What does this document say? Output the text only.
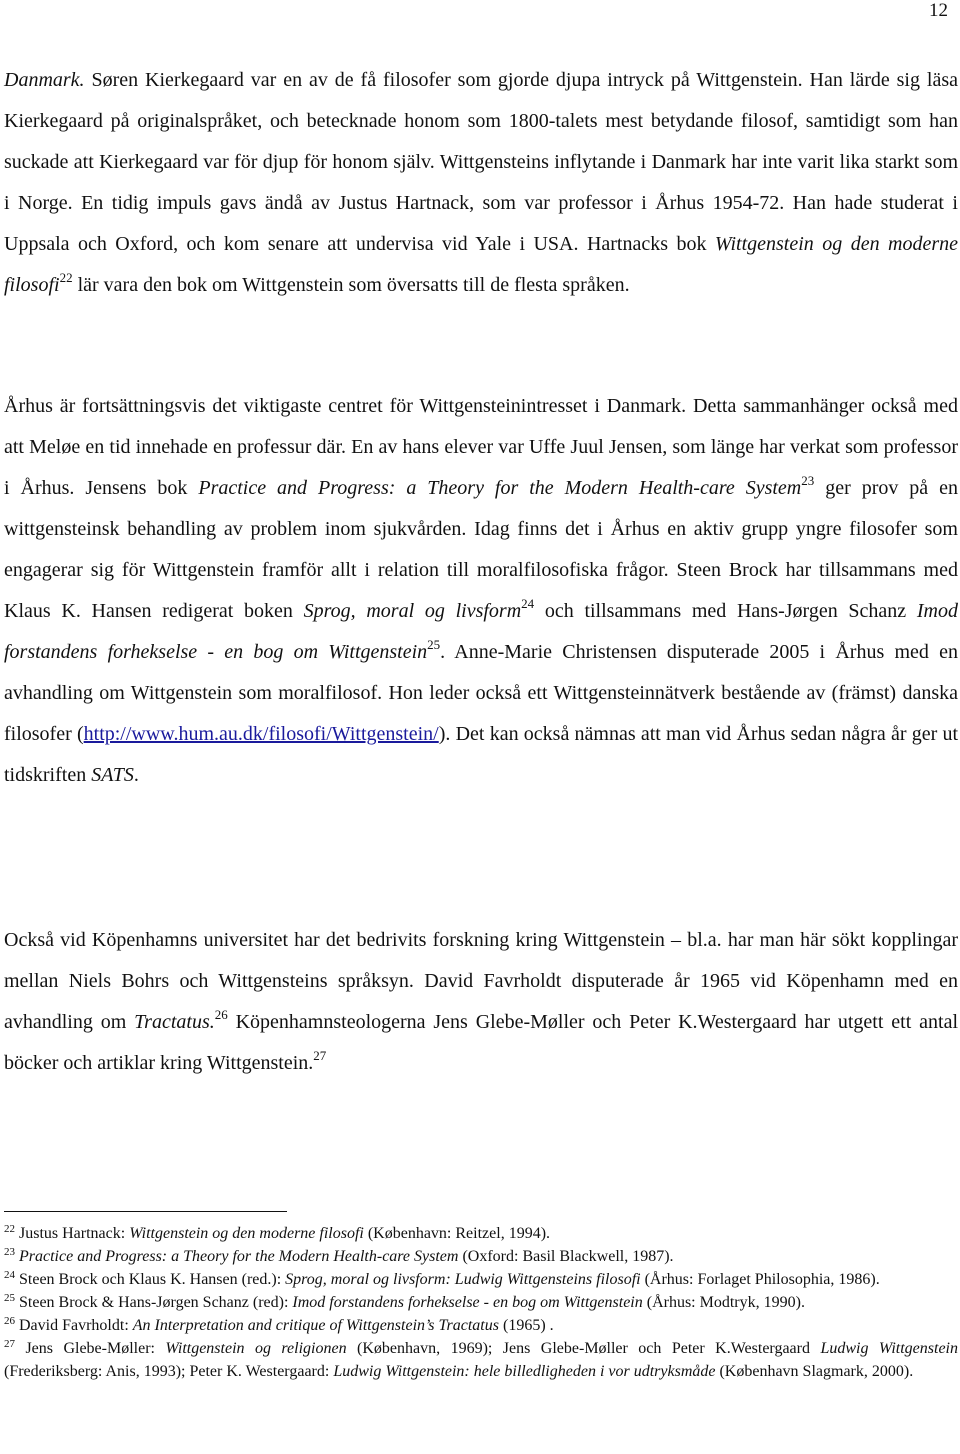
12

Danmark. Søren Kierkegaard var en av de få filosofer som gjorde djupa intryck på Wittgenstein. Han lärde sig läsa Kierkegaard på originalspråket, och betecknade honom som 1800-talets mest betydande filosof, samtidigt som han suckade att Kierkegaard var för djup för honom själv. Wittgensteins inflytande i Danmark har inte varit lika starkt som i Norge. En tidig impuls gavs ändå av Justus Hartnack, som var professor i Århus 1954-72. Han hade studerat i Uppsala och Oxford, och kom senare att undervisa vid Yale i USA. Hartnacks bok Wittgenstein og den moderne filosofi$^{22}$ lär vara den bok om Wittgenstein som översatts till de flesta språken.

Århus är fortsättningsvis det viktigaste centret för Wittgensteinintresset i Danmark. Detta sammanhänger också med att Meløe en tid innehade en professur där. En av hans elever var Uffe Juul Jensen, som länge har verkat som professor i Århus. Jensens bok Practice and Progress: a Theory for the Modern Health-care System$^{23}$ ger prov på en wittgensteinsk behandling av problem inom sjukvården. Idag finns det i Århus en aktiv grupp yngre filosofer som engagerar sig för Wittgenstein framför allt i relation till moralfilosofiska frågor. Steen Brock har tillsammans med Klaus K. Hansen redigerat boken Sprog, moral og livsform$^{24}$ och tillsammans med Hans-Jørgen Schanz Imod forstandens forhekselse - en bog om Wittgenstein$^{25}$. Anne-Marie Christensen disputerade 2005 i Århus med en avhandling om Wittgenstein som moralfilosof. Hon leder också ett Wittgensteinnätverk bestående av (främst) danska filosofer (http://www.hum.au.dk/filosofi/Wittgenstein/). Det kan också nämnas att man vid Århus sedan några år ger ut tidskriften SATS.

Också vid Köpenhamns universitet har det bedrivits forskning kring Wittgenstein – bl.a. har man här sökt kopplingar mellan Niels Bohrs och Wittgensteins språksyn. David Favrholdt disputerade år 1965 vid Köpenhamn med en avhandling om Tractatus.$^{26}$ Köpenhamnsteologerna Jens Glebe-Møller och Peter K.Westergaard har utgett ett antal böcker och artiklar kring Wittgenstein.$^{27}$

$^{22}$ Justus Hartnack: Wittgenstein og den moderne filosofi (København: Reitzel, 1994).
$^{23}$ Practice and Progress: a Theory for the Modern Health-care System (Oxford: Basil Blackwell, 1987).
$^{24}$ Steen Brock och Klaus K. Hansen (red.): Sprog, moral og livsform: Ludwig Wittgensteins filosofi (Århus: Forlaget Philosophia, 1986).
$^{25}$ Steen Brock & Hans-Jørgen Schanz (red): Imod forstandens forhekselse - en bog om Wittgenstein (Århus: Modtryk, 1990).
$^{26}$ David Favrholdt: An Interpretation and critique of Wittgenstein’s Tractatus (1965) .
$^{27}$ Jens Glebe-Møller: Wittgenstein og religionen (København, 1969); Jens Glebe-Møller och Peter K.Westergaard Ludwig Wittgenstein (Frederiksberg: Anis, 1993); Peter K. Westergaard: Ludwig Wittgenstein: hele billedligheden i vor udtryksmåde (København Slagmark, 2000).
